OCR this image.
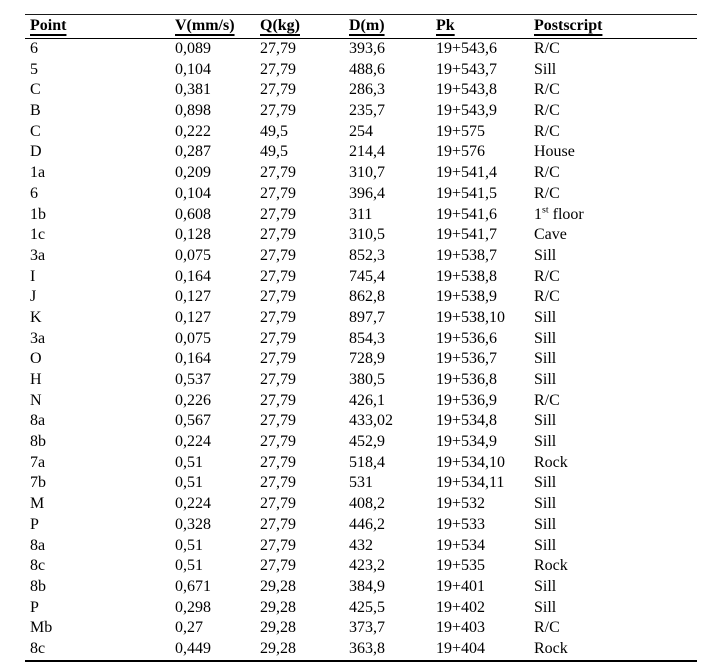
Point	V(mm/s)	Q(kg)	D(m)	Pk	Postscript
6	0,089	27,79	393,6	19+543,6	R/C
5	0,104	27,79	488,6	19+543,7	Sill
C	0,381	27,79	286,3	19+543,8	R/C
B	0,898	27,79	235,7	19+543,9	R/C
C	0,222	49,5	254	19+575	R/C
D	0,287	49,5	214,4	19+576	House
1a	0,209	27,79	310,7	19+541,4	R/C
6	0,104	27,79	396,4	19+541,5	R/C
1b	0,608	27,79	311	19+541,6	1st floor
1c	0,128	27,79	310,5	19+541,7	Cave
3a	0,075	27,79	852,3	19+538,7	Sill
I	0,164	27,79	745,4	19+538,8	R/C
J	0,127	27,79	862,8	19+538,9	R/C
K	0,127	27,79	897,7	19+538,10	Sill
3a	0,075	27,79	854,3	19+536,6	Sill
O	0,164	27,79	728,9	19+536,7	Sill
H	0,537	27,79	380,5	19+536,8	Sill
N	0,226	27,79	426,1	19+536,9	R/C
8a	0,567	27,79	433,02	19+534,8	Sill
8b	0,224	27,79	452,9	19+534,9	Sill
7a	0,51	27,79	518,4	19+534,10	Rock
7b	0,51	27,79	531	19+534,11	Sill
M	0,224	27,79	408,2	19+532	Sill
P	0,328	27,79	446,2	19+533	Sill
8a	0,51	27,79	432	19+534	Sill
8c	0,51	27,79	423,2	19+535	Rock
8b	0,671	29,28	384,9	19+401	Sill
P	0,298	29,28	425,5	19+402	Sill
Mb	0,27	29,28	373,7	19+403	R/C
8c	0,449	29,28	363,8	19+404	Rock
